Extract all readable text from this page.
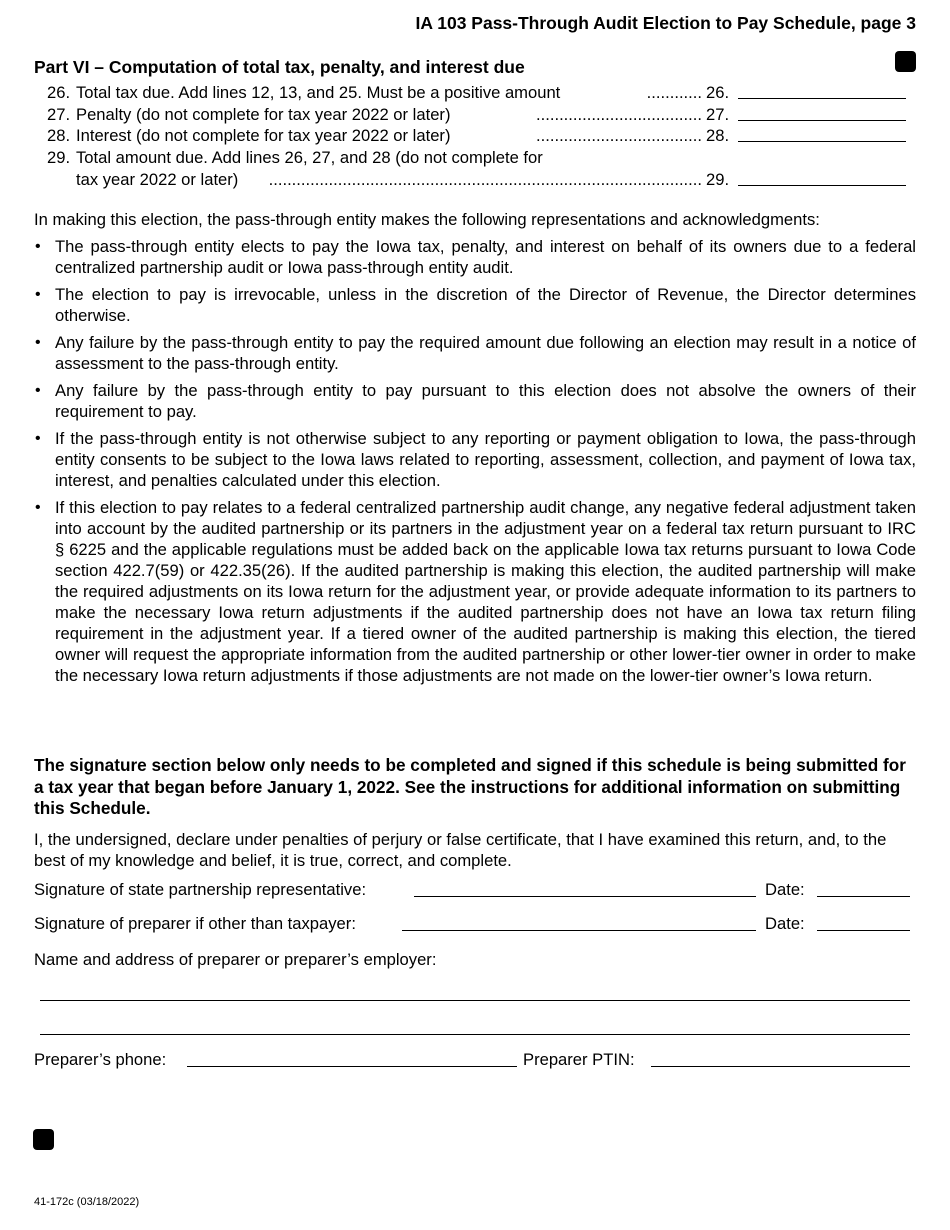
IA 103 Pass-Through Audit Election to Pay Schedule, page 3
Part VI – Computation of total tax, penalty, and interest due
26. Total tax due. Add lines 12, 13, and 25. Must be a positive amount	............ 26.
27. Penalty (do not complete for tax year 2022 or later)	.................................... 27.
28. Interest (do not complete for tax year 2022 or later)	.................................... 28.
29. Total amount due. Add lines 26, 27, and 28 (do not complete for
tax year 2022 or later) .............................................................................................. 29.
In making this election, the pass-through entity makes the following representations and acknowledgments:
• The pass-through entity elects to pay the Iowa tax, penalty, and interest on behalf of its owners due to a federal centralized partnership audit or Iowa pass-through entity audit.
• The election to pay is irrevocable, unless in the discretion of the Director of Revenue, the Director determines otherwise.
• Any failure by the pass-through entity to pay the required amount due following an election may result in a notice of assessment to the pass-through entity.
• Any failure by the pass-through entity to pay pursuant to this election does not absolve the owners of their requirement to pay.
• If the pass-through entity is not otherwise subject to any reporting or payment obligation to Iowa, the pass-through entity consents to be subject to the Iowa laws related to reporting, assessment, collection, and payment of Iowa tax, interest, and penalties calculated under this election.
• If this election to pay relates to a federal centralized partnership audit change, any negative federal adjustment taken into account by the audited partnership or its partners in the adjustment year on a federal tax return pursuant to IRC § 6225 and the applicable regulations must be added back on the applicable Iowa tax returns pursuant to Iowa Code section 422.7(59) or 422.35(26). If the audited partnership is making this election, the audited partnership will make the required adjustments on its Iowa return for the adjustment year, or provide adequate information to its partners to make the necessary Iowa return adjustments if the audited partnership does not have an Iowa tax return filing requirement in the adjustment year. If a tiered owner of the audited partnership is making this election, the tiered owner will request the appropriate information from the audited partnership or other lower-tier owner in order to make the necessary Iowa return adjustments if those adjustments are not made on the lower-tier owner’s Iowa return.
The signature section below only needs to be completed and signed if this schedule is being submitted for a tax year that began before January 1, 2022. See the instructions for additional information on submitting this Schedule.
I, the undersigned, declare under penalties of perjury or false certificate, that I have examined this return, and, to the best of my knowledge and belief, it is true, correct, and complete.
Signature of state partnership representative:	Date:
Signature of preparer if other than taxpayer:	Date:
Name and address of preparer or preparer’s employer:
Preparer’s phone:	Preparer PTIN:
41-172c (03/18/2022)
